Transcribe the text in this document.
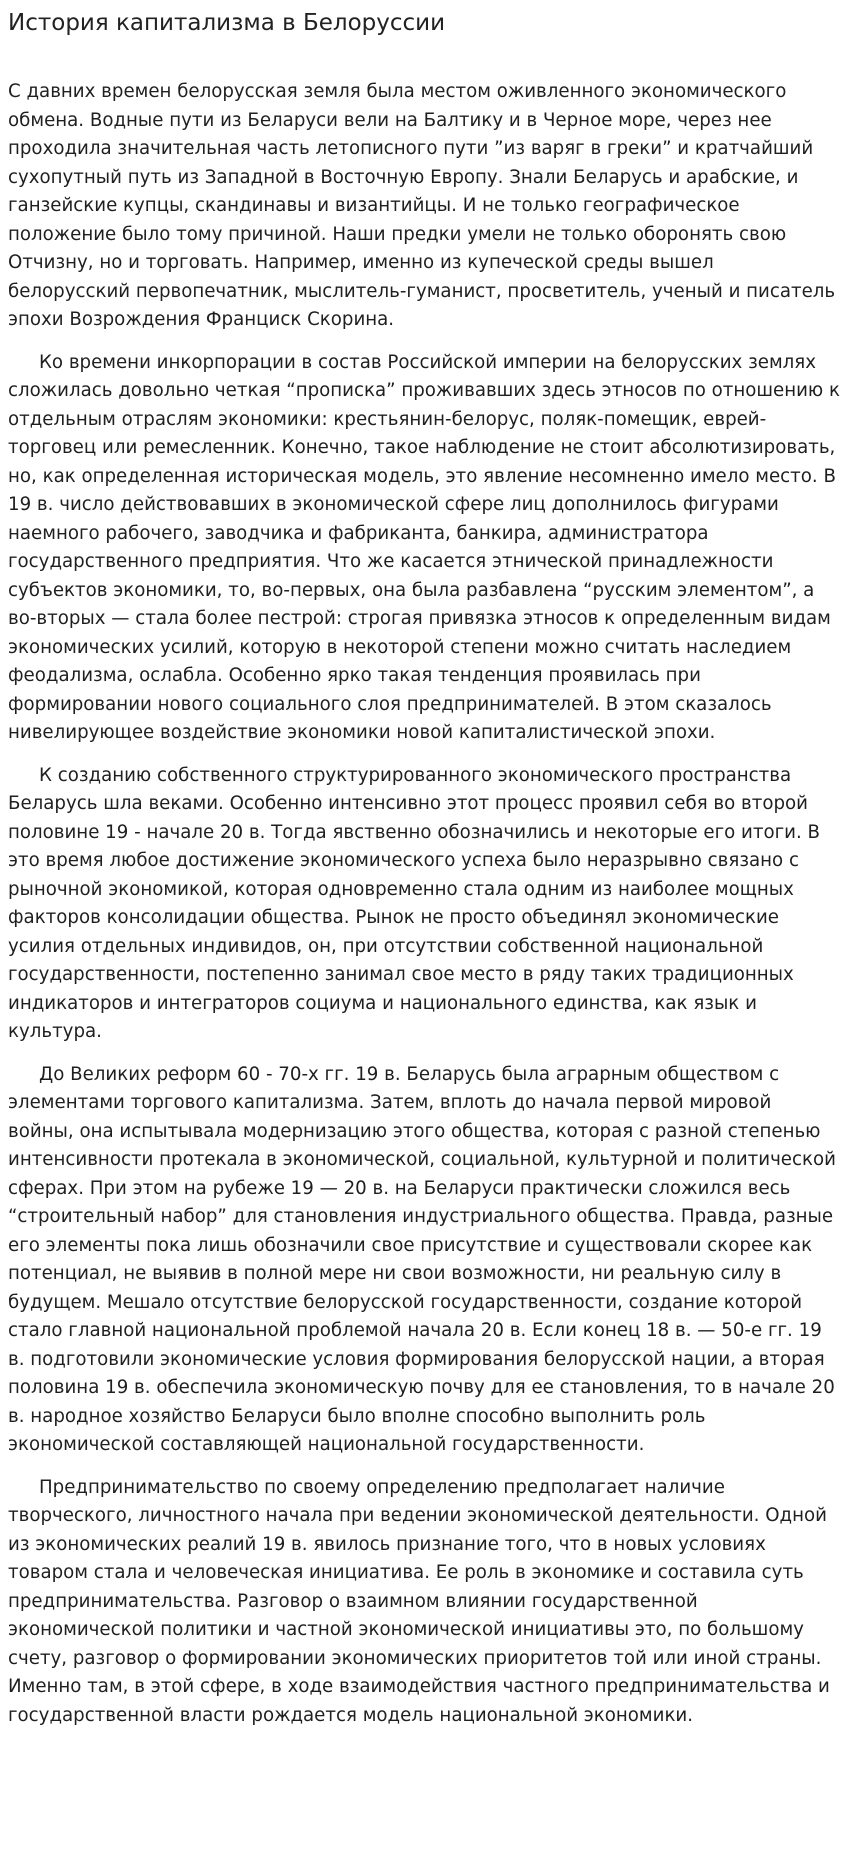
История капитализма в Белоруссии

С давних времен белорусская земля была местом оживленного экономического обмена. Водные пути из Беларуси вели на Балтику и в Черное море, через нее проходила значительная часть летописного пути ”из варяг в греки” и кратчайший сухопутный путь из Западной в Восточную Европу. Знали Беларусь и арабские, и ганзейские купцы, скандинавы и византийцы. И не только географическое положение было тому причиной. Наши предки умели не только оборонять свою Отчизну, но и торговать. Например, именно из купеческой среды вышел белорусский первопечатник, мыслитель-гуманист, просветитель, ученый и писатель эпохи Возрождения Франциск Скорина.

Ко времени инкорпорации в состав Российской империи на белорусских землях сложилась довольно четкая “прописка” проживавших здесь этносов по отношению к отдельным отраслям экономики: крестьянин-белорус, поляк-помещик, еврей-торговец или ремесленник. Конечно, такое наблюдение не стоит абсолютизировать, но, как определенная историческая модель, это явление несомненно имело место. В 19 в. число действовавших в экономической сфере лиц дополнилось фигурами наемного рабочего, заводчика и фабриканта, банкира, администратора государственного предприятия. Что же касается этнической принадлежности субъектов экономики, то, во-первых, она была разбавлена “русским элементом”, а во-вторых — стала более пестрой: строгая привязка этносов к определенным видам экономических усилий, которую в некоторой степени можно считать наследием феодализма, ослабла. Особенно ярко такая тенденция проявилась при формировании нового социального слоя предпринимателей. В этом сказалось нивелирующее воздействие экономики новой капиталистической эпохи.

К созданию собственного структурированного экономического пространства Беларусь шла веками. Особенно интенсивно этот процесс проявил себя во второй половине 19 - начале 20 в. Тогда явственно обозначились и некоторые его итоги. В это время любое достижение экономического успеха было неразрывно связано с рыночной экономикой, которая одновременно стала одним из наиболее мощных факторов консолидации общества. Рынок не просто объединял экономические усилия отдельных индивидов, он, при отсутствии собственной национальной государственности, постепенно занимал свое место в ряду таких традиционных индикаторов и интеграторов социума и национального единства, как язык и культура.

До Великих реформ 60 - 70-х гг. 19 в. Беларусь была аграрным обществом с элементами торгового капитализма. Затем, вплоть до начала первой мировой войны, она испытывала модернизацию этого общества, которая с разной степенью интенсивности протекала в экономической, социальной, культурной и политической сферах. При этом на рубеже 19 — 20 в. на Беларуси практически сложился весь “строительный набор” для становления индустриального общества. Правда, разные его элементы пока лишь обозначили свое присутствие и существовали скорее как потенциал, не выявив в полной мере ни свои возможности, ни реальную силу в будущем. Мешало отсутствие белорусской государственности, создание которой стало главной национальной проблемой начала 20 в. Если конец 18 в. — 50-е гг. 19 в. подготовили экономические условия формирования белорусской нации, а вторая половина 19 в. обеспечила экономическую почву для ее становления, то в начале 20 в. народное хозяйство Беларуси было вполне способно выполнить роль экономической составляющей национальной государственности.

Предпринимательство по своему определению предполагает наличие творческого, личностного начала при ведении экономической деятельности. Одной из экономических реалий 19 в. явилось признание того, что в новых условиях товаром стала и человеческая инициатива. Ее роль в экономике и составила суть предпринимательства. Разговор о взаимном влиянии государственной экономической политики и частной экономической инициативы это, по большому счету, разговор о формировании экономических приоритетов той или иной страны. Именно там, в этой сфере, в ходе взаимодействия частного предпринимательства и государственной власти рождается модель национальной экономики.
